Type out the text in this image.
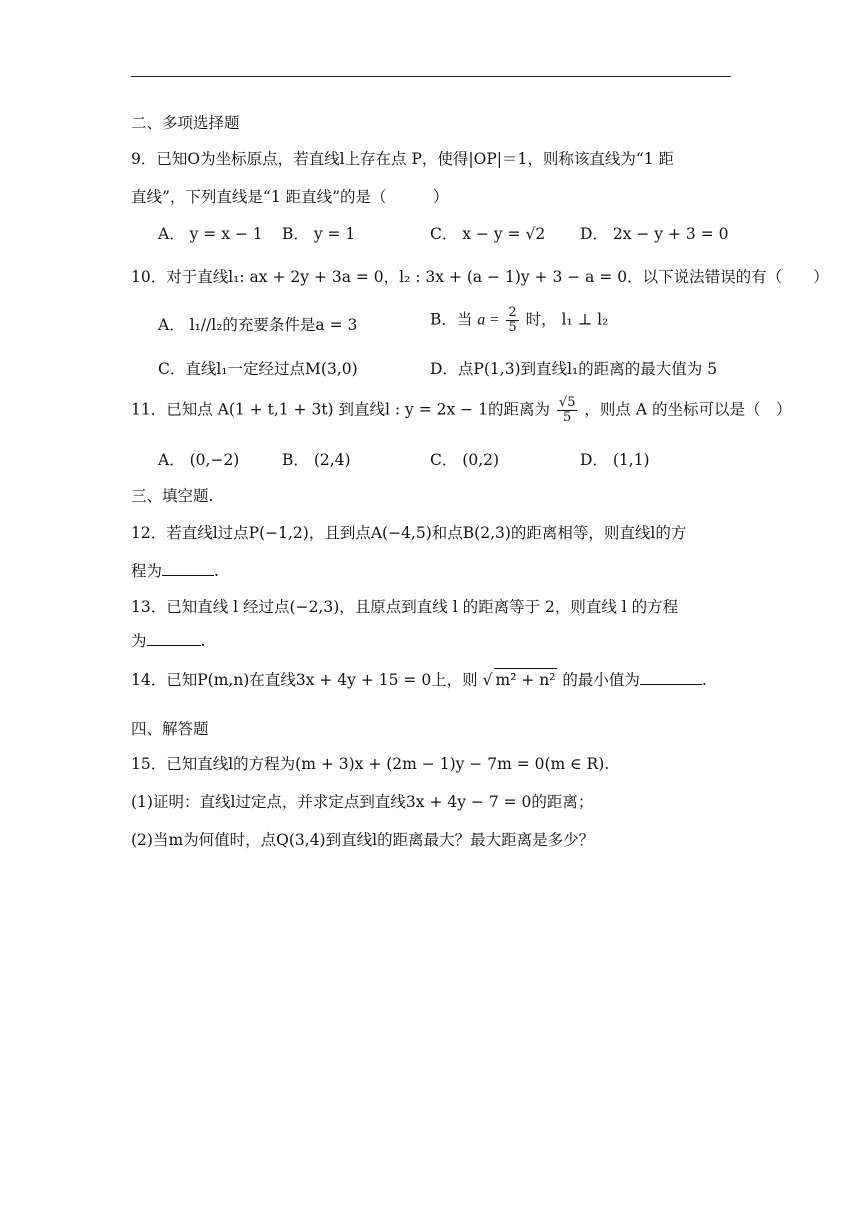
二、多项选择题
9．已知O为坐标原点，若直线l上存在点 P，使得|OP|＝1，则称该直线为“1 距
直线”，下列直线是“1 距直线”的是（　　　）
A． y = x − 1 B． y = 1	C． x − y = √2 D． 2x − y + 3 = 0
10．对于直线l₁: ax + 2y + 3a = 0，l₂ : 3x + (a − 1)y + 3 − a = 0．以下说法错误的有（　　）
A． l₁//l₂的充要条件是a = 3	B．当 $a = \frac{2}{5}$ 时， l₁ ⊥ l₂
C．直线l₁一定经过点M(3,0)	D．点P(1,3)到直线l₁的距离的最大值为 5
11．已知点 A(1 + t,1 + 3t) 到直线l : y = 2x − 1的距离为 $\frac{√5}{5}$ ，则点 A 的坐标可以是（　）
A． (0,−2)	B． (2,4)	C． (0,2)	D． (1,1)
三、填空题.
12．若直线l过点P(−1,2)，且到点A(−4,5)和点B(2,3)的距离相等，则直线l的方
程为	.
13．已知直线 l 经过点(−2,3)，且原点到直线 l 的距离等于 2，则直线 l 的方程
为	.
14．已知P(m,n)在直线3x + 4y + 15 = 0上，则 √ m² + n² 的最小值为	.
四、解答题
15．已知直线l的方程为(m + 3)x + (2m − 1)y − 7m = 0(m ∈ R).
(1)证明：直线l过定点，并求定点到直线3x + 4y − 7 = 0的距离；
(2)当m为何值时，点Q(3,4)到直线l的距离最大？最大距离是多少？
